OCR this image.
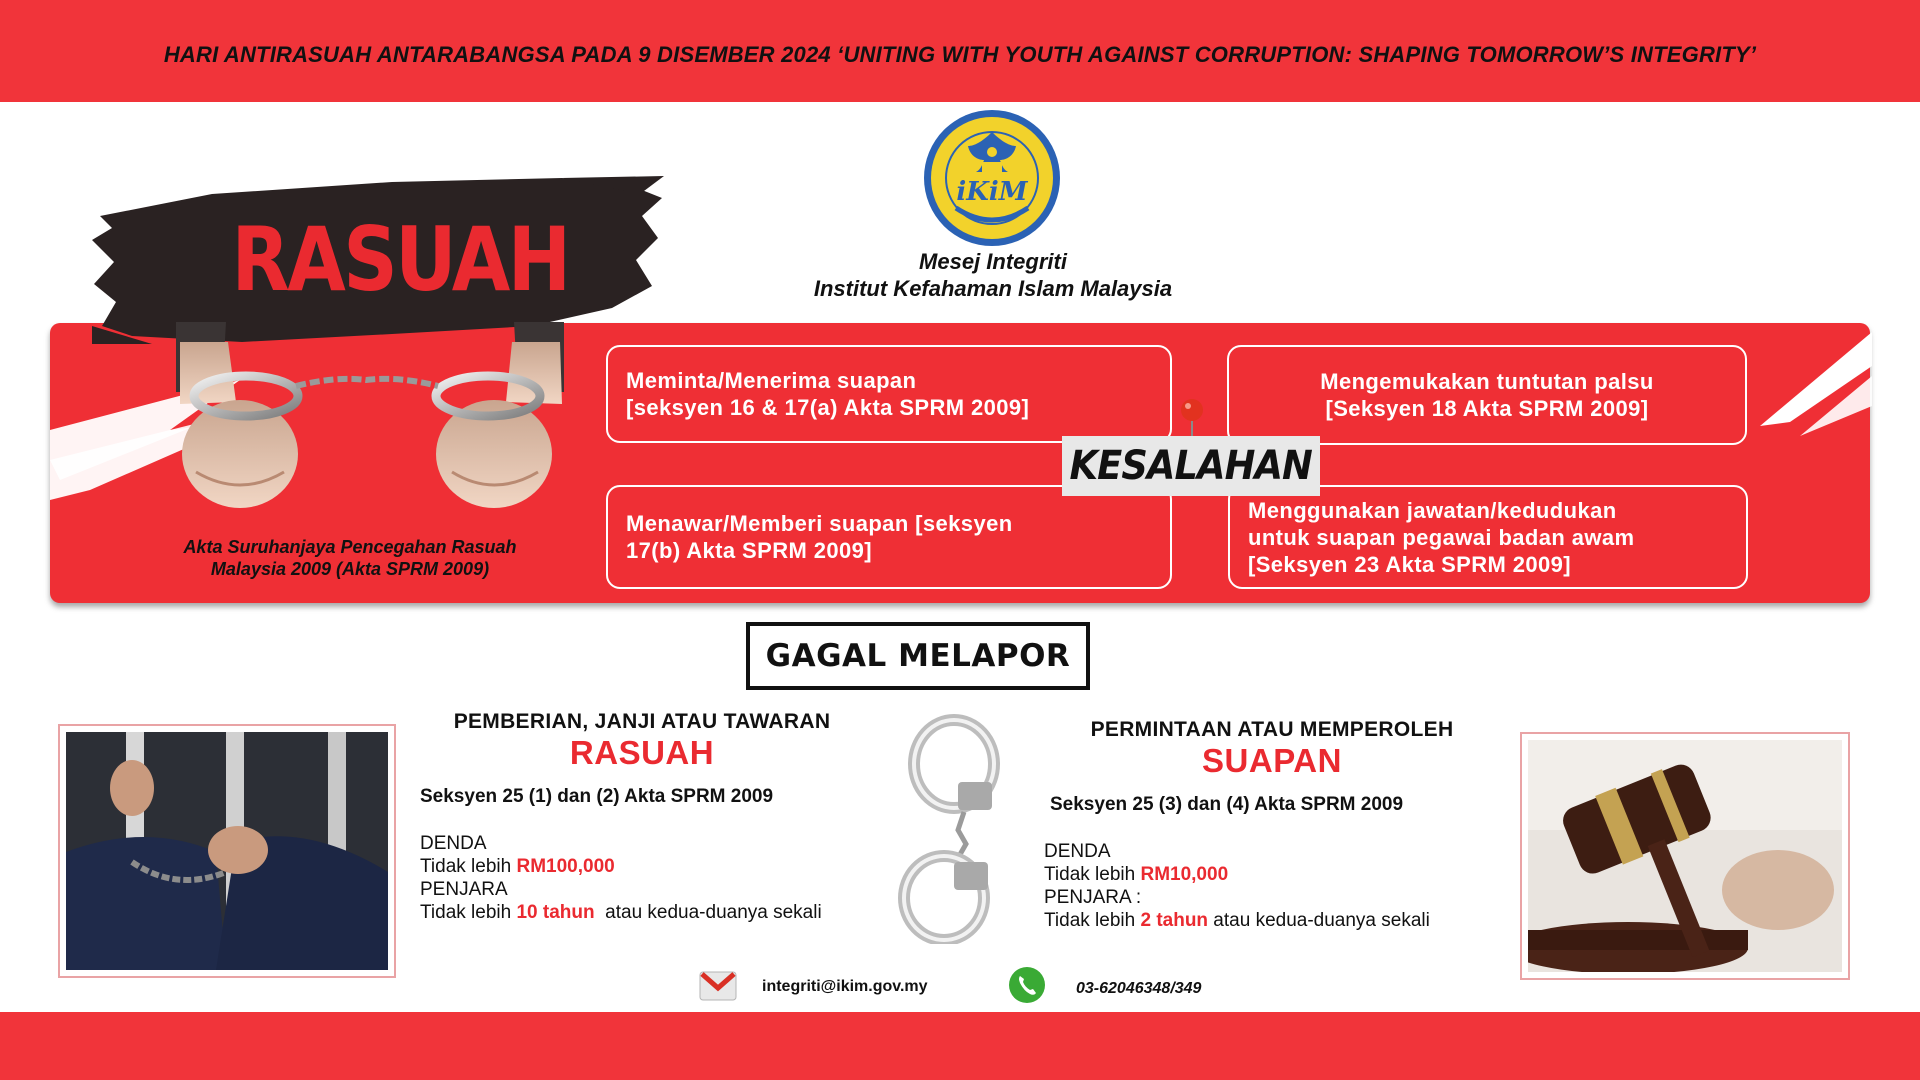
HARI ANTIRASUAH ANTARABANGSA PADA 9 DISEMBER 2024 ‘UNITING WITH YOUTH AGAINST CORRUPTION: SHAPING TOMORROW’S INTEGRITY’
iKiM
Mesej Integriti
Institut Kefahaman Islam Malaysia
RASUAH
Akta Suruhanjaya Pencegahan Rasuah
Malaysia 2009 (Akta SPRM 2009)
Meminta/Menerima suapan
[seksyen 16 & 17(a) Akta SPRM 2009]
Mengemukakan tuntutan palsu
[Seksyen 18 Akta SPRM 2009]
Menawar/Memberi suapan [seksyen
17(b) Akta SPRM 2009]
Menggunakan jawatan/kedudukan
untuk suapan pegawai badan awam
[Seksyen 23 Akta SPRM 2009]
KESALAHAN
GAGAL MELAPOR
PEMBERIAN, JANJI ATAU TAWARAN
RASUAH
Seksyen 25 (1) dan (2) Akta SPRM 2009
DENDA
Tidak lebih RM100,000
PENJARA
Tidak lebih 10 tahun  atau kedua-duanya sekali
PERMINTAAN ATAU MEMPEROLEH
SUAPAN
Seksyen 25 (3) dan (4) Akta SPRM 2009
DENDA
Tidak lebih RM10,000
PENJARA :
Tidak lebih 2 tahun atau kedua-duanya sekali
integriti@ikim.gov.my	03-62046348/349
